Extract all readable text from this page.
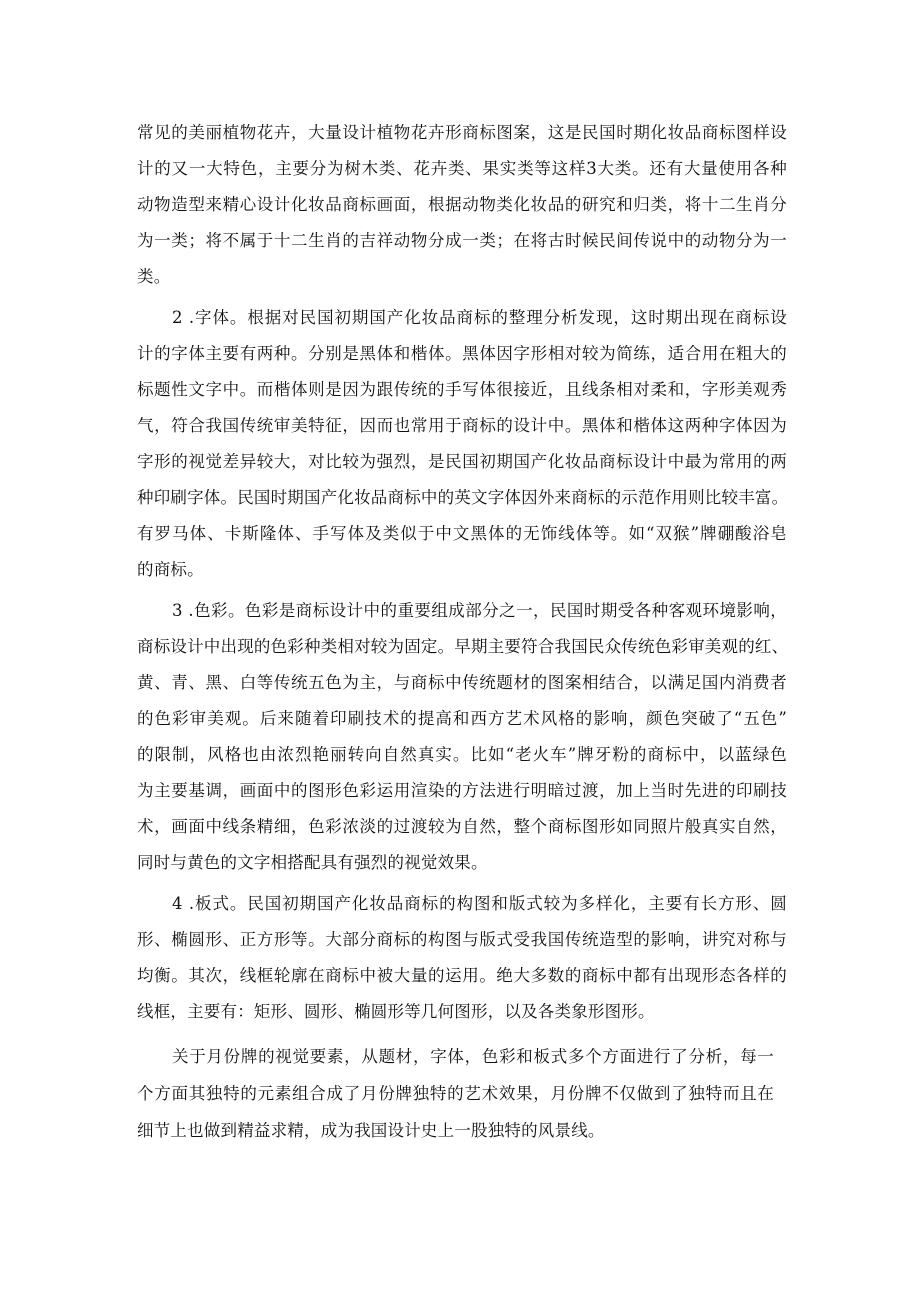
常见的美丽植物花卉，大量设计植物花卉形商标图案，这是民国时期化妆品商标图样设
计的又一大特色，主要分为树木类、花卉类、果实类等这样3大类。还有大量使用各种
动物造型来精心设计化妆品商标画面，根据动物类化妆品的研究和归类，将十二生肖分
为一类；将不属于十二生肖的吉祥动物分成一类；在将古时候民间传说中的动物分为一
类。
2 .字体。根据对民国初期国产化妆品商标的整理分析发现，这时期出现在商标设
计的字体主要有两种。分别是黑体和楷体。黑体因字形相对较为简练，适合用在粗大的
标题性文字中。而楷体则是因为跟传统的手写体很接近，且线条相对柔和，字形美观秀
气，符合我国传统审美特征，因而也常用于商标的设计中。黑体和楷体这两种字体因为
字形的视觉差异较大，对比较为强烈，是民国初期国产化妆品商标设计中最为常用的两
种印刷字体。民国时期国产化妆品商标中的英文字体因外来商标的示范作用则比较丰富。
有罗马体、卡斯隆体、手写体及类似于中文黑体的无饰线体等。如“双猴”牌硼酸浴皂
的商标。
3 .色彩。色彩是商标设计中的重要组成部分之一，民国时期受各种客观环境影响，
商标设计中出现的色彩种类相对较为固定。早期主要符合我国民众传统色彩审美观的红、
黄、青、黑、白等传统五色为主，与商标中传统题材的图案相结合，以满足国内消费者
的色彩审美观。后来随着印刷技术的提高和西方艺术风格的影响，颜色突破了“五色”
的限制，风格也由浓烈艳丽转向自然真实。比如“老火车”牌牙粉的商标中，以蓝绿色
为主要基调，画面中的图形色彩运用渲染的方法进行明暗过渡，加上当时先进的印刷技
术，画面中线条精细，色彩浓淡的过渡较为自然，整个商标图形如同照片般真实自然，
同时与黄色的文字相搭配具有强烈的视觉效果。
4 .板式。民国初期国产化妆品商标的构图和版式较为多样化，主要有长方形、圆
形、椭圆形、正方形等。大部分商标的构图与版式受我国传统造型的影响，讲究对称与
均衡。其次，线框轮廓在商标中被大量的运用。绝大多数的商标中都有出现形态各样的
线框，主要有：矩形、圆形、椭圆形等几何图形，以及各类象形图形。
关于月份牌的视觉要素，从题材，字体，色彩和板式多个方面进行了分析，每一
个方面其独特的元素组合成了月份牌独特的艺术效果，月份牌不仅做到了独特而且在
细节上也做到精益求精，成为我国设计史上一股独特的风景线。
